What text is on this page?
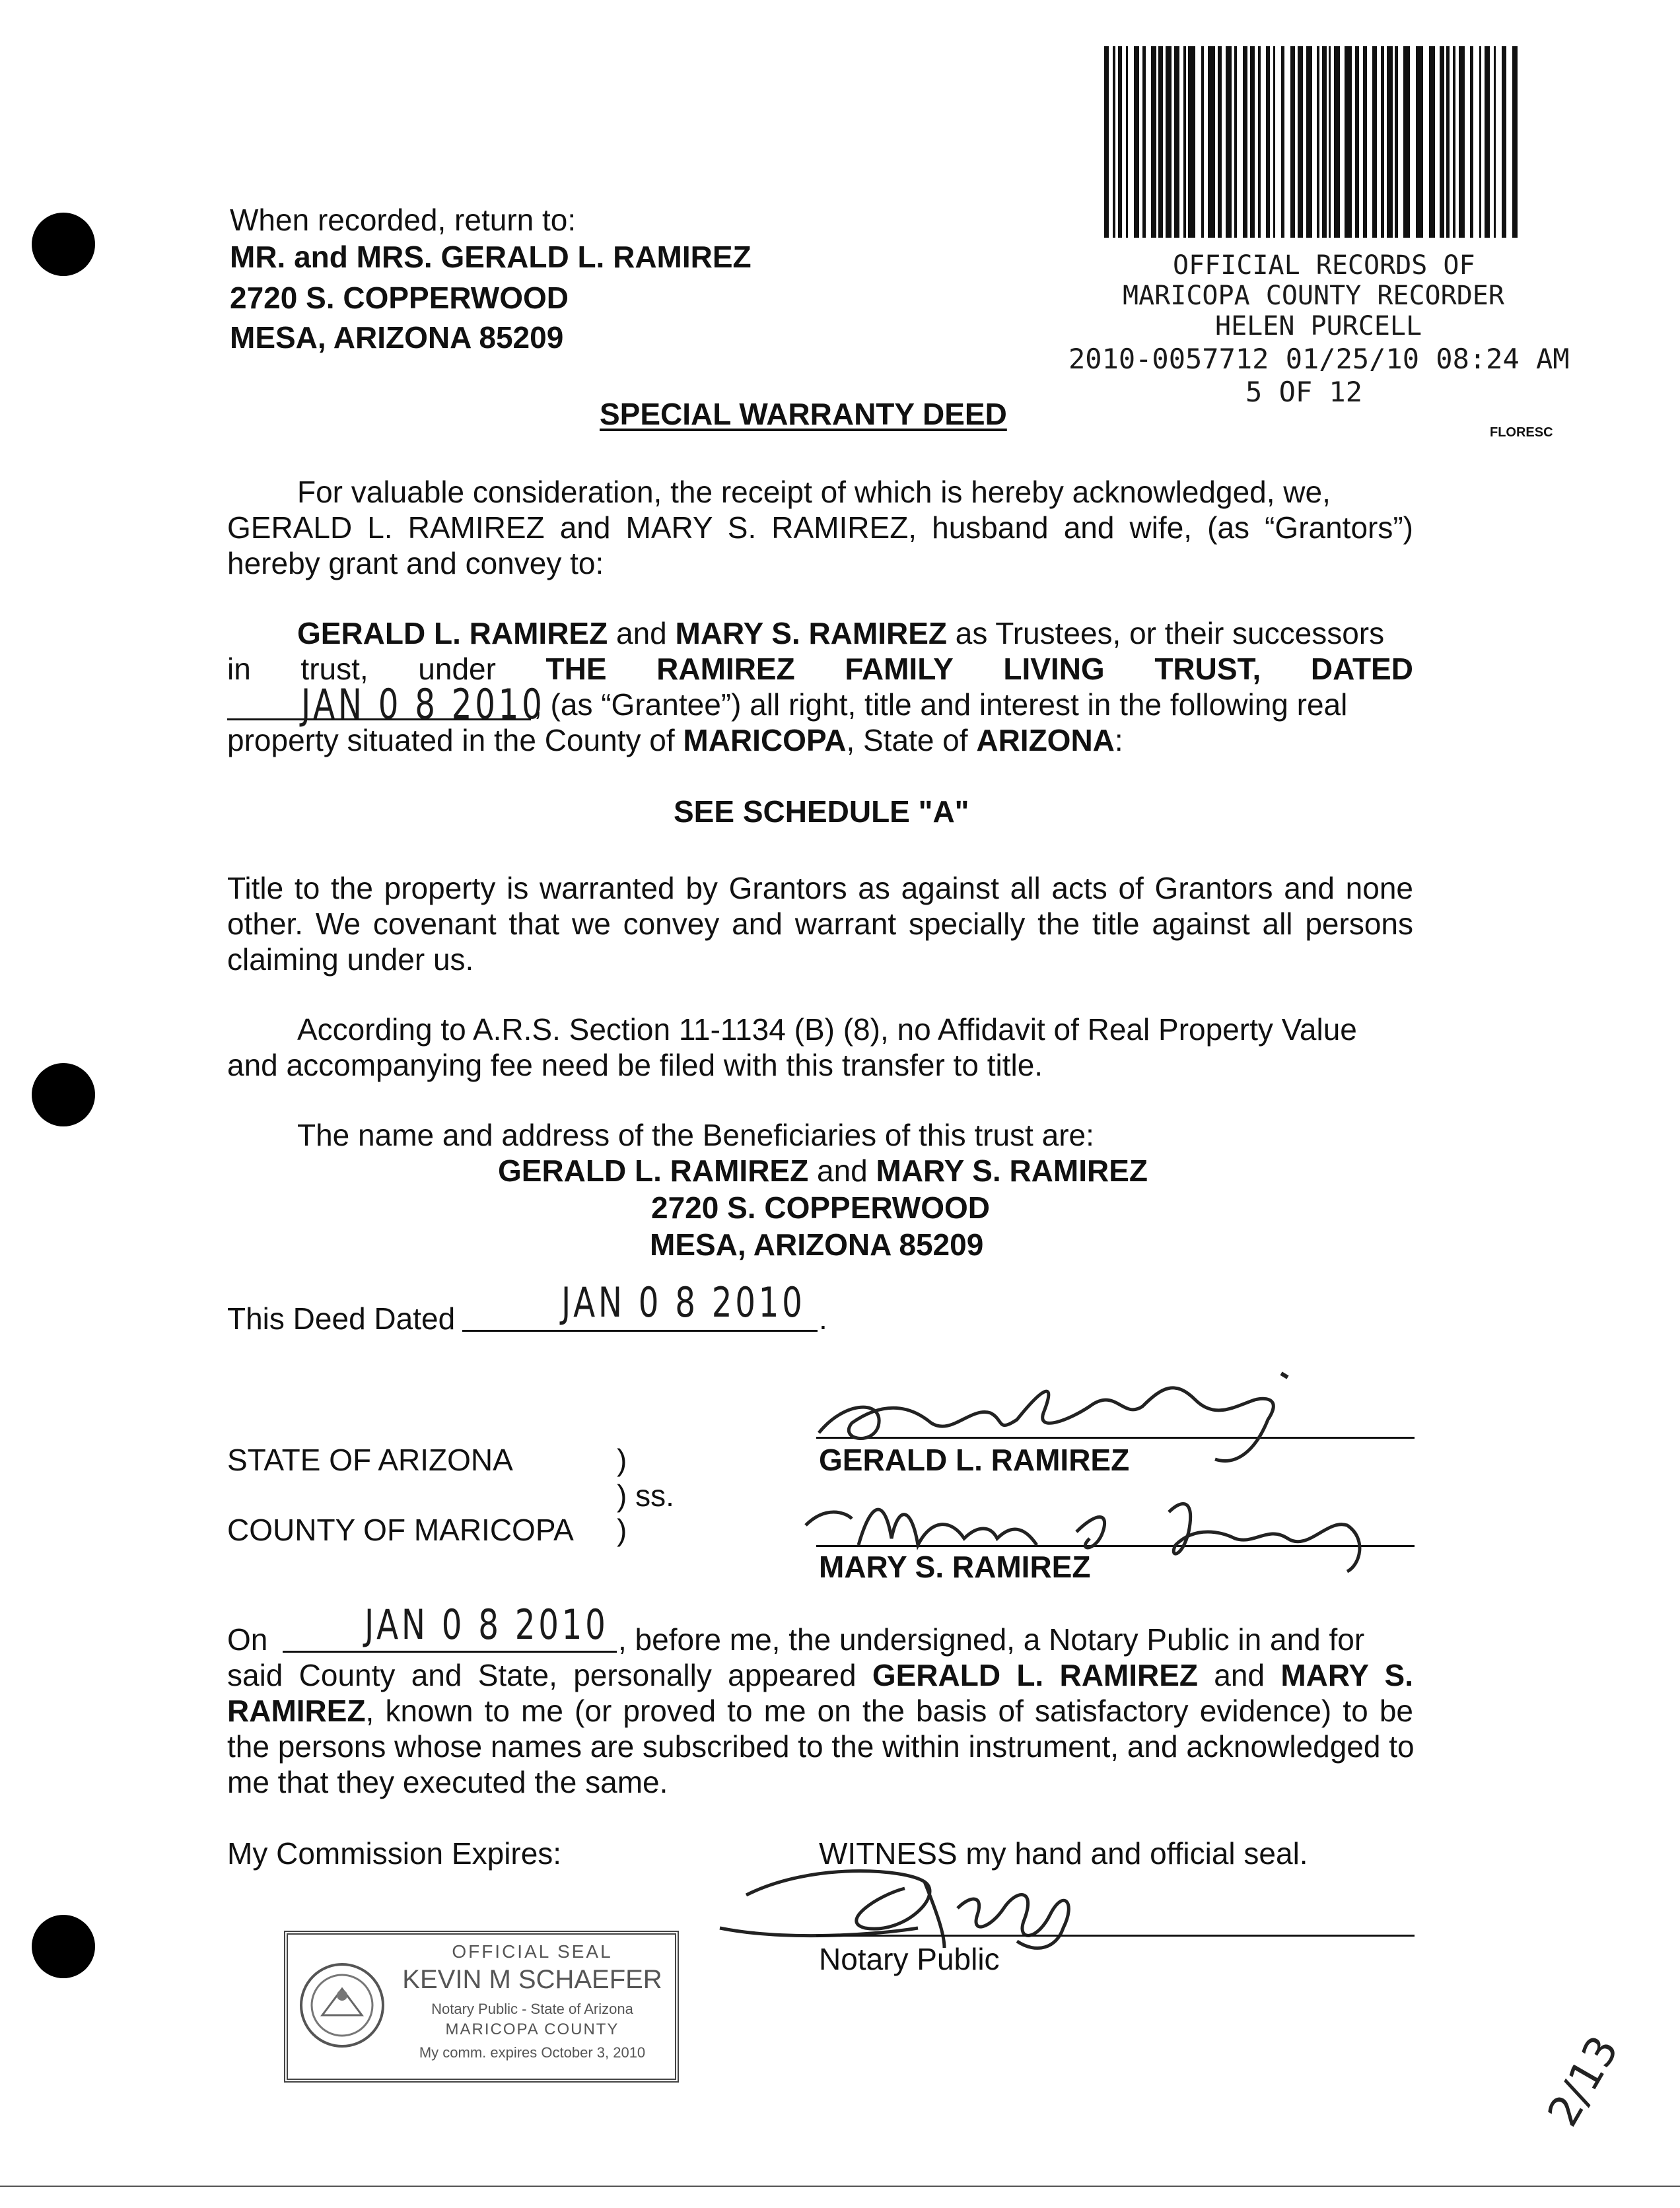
When recorded, return to:
MR. and MRS. GERALD L. RAMIREZ
2720 S. COPPERWOOD
MESA, ARIZONA 85209
OFFICIAL RECORDS OF
MARICOPA COUNTY RECORDER
HELEN PURCELL
2010-0057712 01/25/10 08:24 AM
5 OF 12
FLORESC
SPECIAL WARRANTY DEED
For valuable consideration, the receipt of which is hereby acknowledged, we,
GERALD L. RAMIREZ and MARY S. RAMIREZ, husband and wife, (as “Grantors”)
hereby grant and convey to:
GERALD L. RAMIREZ and MARY S. RAMIREZ as Trustees, or their successors
in trust, under THE RAMIREZ FAMILY LIVING TRUST, DATED
JAN 0 8 2010
, (as “Grantee”) all right, title and interest in the following real
property situated in the County of MARICOPA, State of ARIZONA:
SEE SCHEDULE "A"
Title to the property is warranted by Grantors as against all acts of Grantors and none
other. We covenant that we convey and warrant specially the title against all persons
claiming under us.
According to A.R.S. Section 11-1134 (B) (8), no Affidavit of Real Property Value
and accompanying fee need be filed with this transfer to title.
The name and address of the Beneficiaries of this trust are:
GERALD L. RAMIREZ and MARY S. RAMIREZ
2720 S. COPPERWOOD
MESA, ARIZONA 85209
This Deed Dated	JAN 0 8 2010 .
STATE OF ARIZONA
COUNTY OF MARICOPA
)
) ss.
)
GERALD L. RAMIREZ
MARY S. RAMIREZ
On JAN 0 8 2010 , before me, the undersigned, a Notary Public in and for
said County and State, personally appeared GERALD L. RAMIREZ and MARY S.
RAMIREZ, known to me (or proved to me on the basis of satisfactory evidence) to be
the persons whose names are subscribed to the within instrument, and acknowledged to
me that they executed the same.
My Commission Expires:	WITNESS my hand and official seal.
Notary Public
OFFICIAL SEAL
KEVIN M SCHAEFER
Notary Public - State of Arizona
MARICOPA COUNTY
My comm. expires October 3, 2010	2/13
